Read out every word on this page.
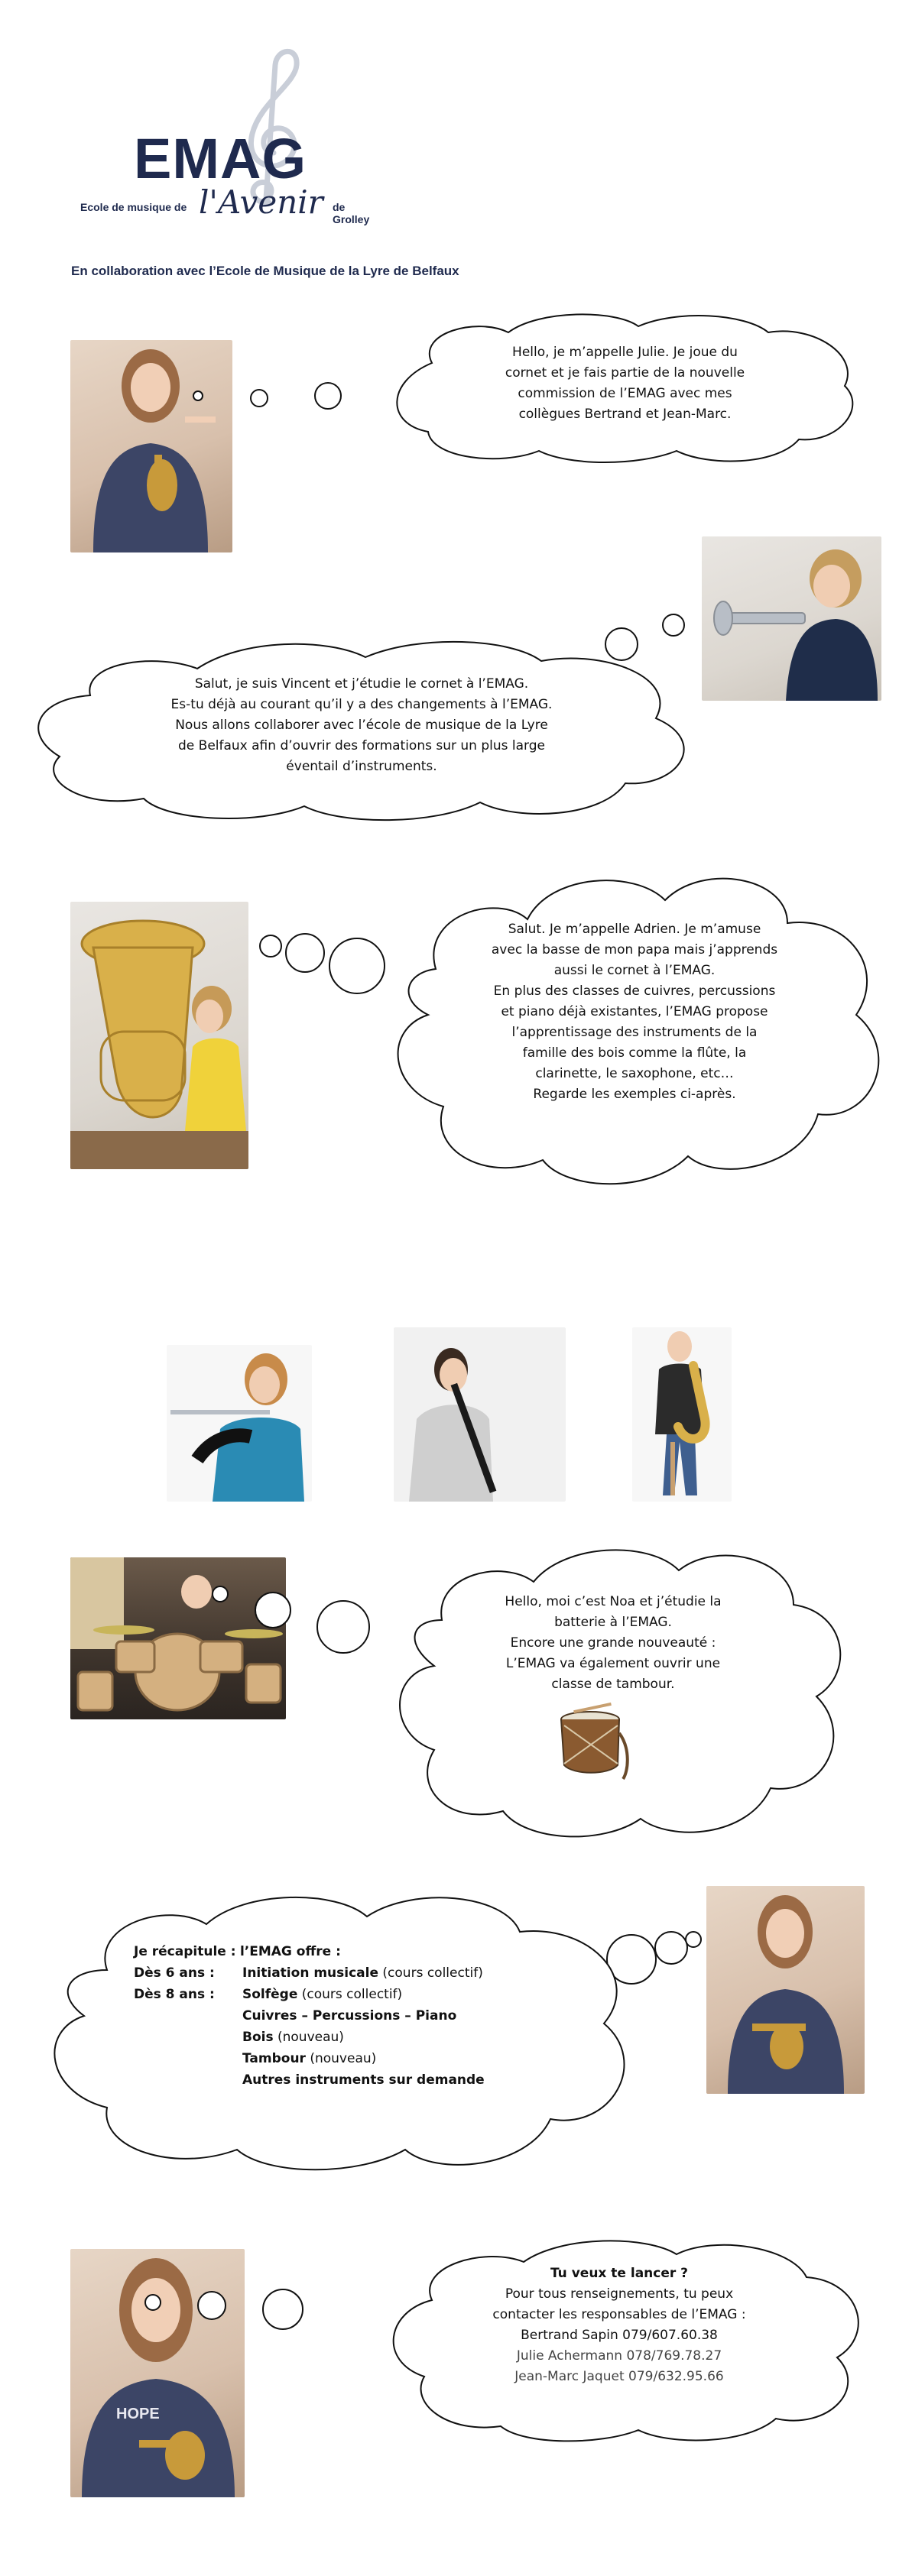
EMAG
Ecole de musique de l'Avenir de Grolley
En collaboration avec l’Ecole de Musique de la Lyre de Belfaux
Hello, je m’appelle Julie. Je joue du
cornet et je fais partie de la nouvelle
commission de l’EMAG avec mes
collègues Bertrand et Jean-Marc.
Salut, je suis Vincent et j’étudie le cornet à l’EMAG.
Es-tu déjà au courant qu’il y a des changements à l’EMAG.
Nous allons collaborer avec l’école de musique de la Lyre
de Belfaux afin d’ouvrir des formations sur un plus large
éventail d’instruments.
Salut. Je m’appelle Adrien. Je m’amuse
avec la basse de mon papa mais j’apprends
aussi le cornet à l’EMAG.
En plus des classes de cuivres, percussions
et piano déjà existantes, l’EMAG propose
l’apprentissage des instruments de la
famille des bois comme la flûte, la
clarinette, le saxophone, etc…
Regarde les exemples ci-après.
Hello, moi c’est Noa et j’étudie la
batterie à l’EMAG.
Encore une grande nouveauté :
L’EMAG va également ouvrir une
classe de tambour.
Je récapitule : l’EMAG offre :
Dès 6 ans : Initiation musicale (cours collectif)
Dès 8 ans : Solfège (cours collectif)
Cuivres – Percussions – Piano
Bois (nouveau)
Tambour (nouveau)
Autres instruments sur demande
HOPE
Tu veux te lancer ?
Pour tous renseignements, tu peux
contacter les responsables de l’EMAG :
Bertrand Sapin 079/607.60.38
Julie Achermann 078/769.78.27
Jean-Marc Jaquet 079/632.95.66
